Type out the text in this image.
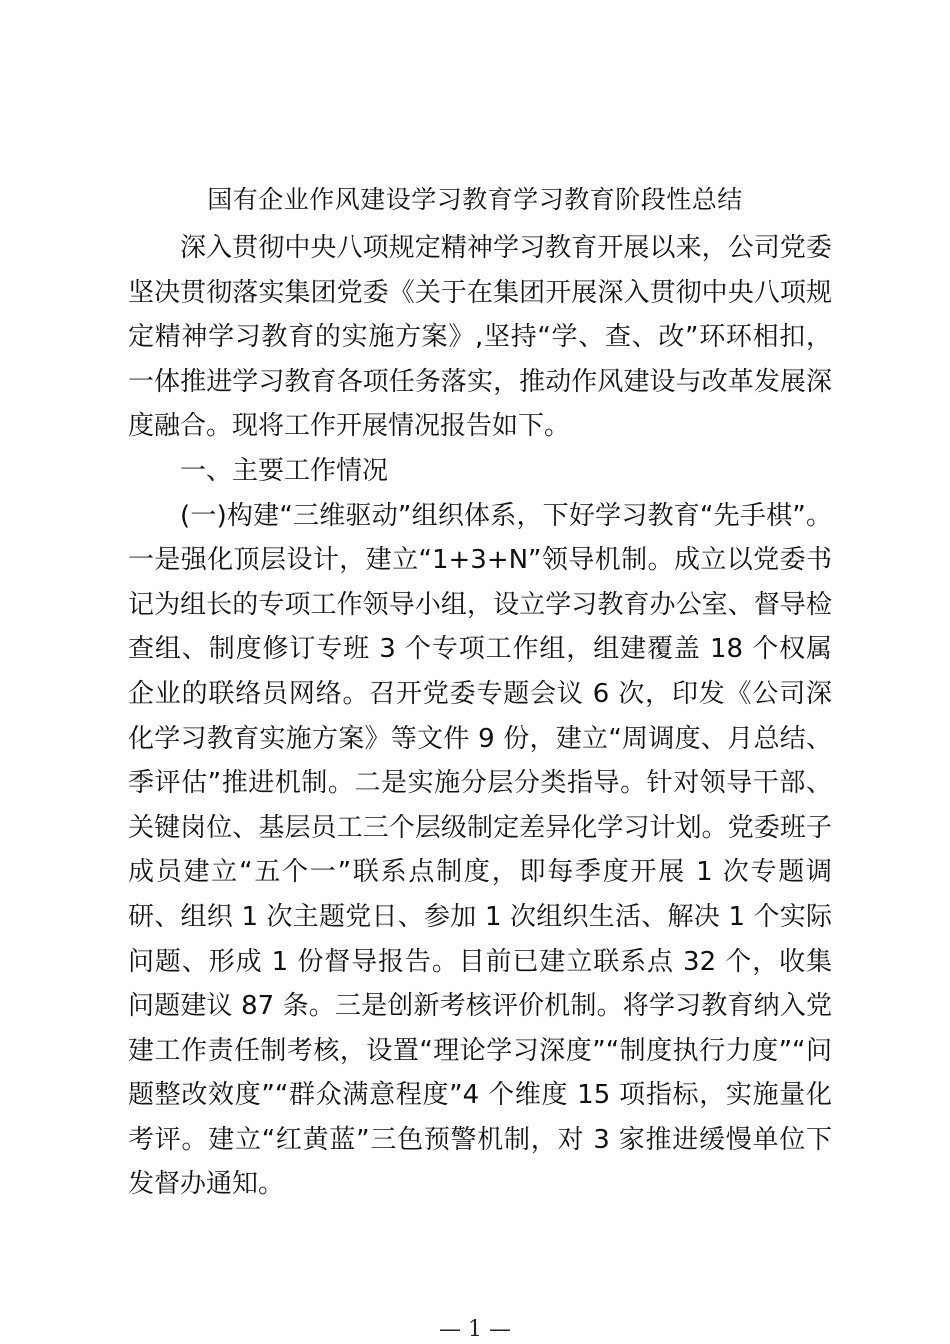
国有企业作风建设学习教育学习教育阶段性总结

深入贯彻中央八项规定精神学习教育开展以来，公司党委坚决贯彻落实集团党委《关于在集团开展深入贯彻中央八项规定精神学习教育的实施方案》,坚持“学、查、改”环环相扣，一体推进学习教育各项任务落实，推动作风建设与改革发展深度融合。现将工作开展情况报告如下。

一、主要工作情况

(一)构建“三维驱动”组织体系，下好学习教育“先手棋”。一是强化顶层设计，建立“1+3+N”领导机制。成立以党委书记为组长的专项工作领导小组，设立学习教育办公室、督导检查组、制度修订专班 3 个专项工作组，组建覆盖 18 个权属企业的联络员网络。召开党委专题会议 6 次，印发《公司深化学习教育实施方案》等文件 9 份，建立“周调度、月总结、季评估”推进机制。二是实施分层分类指导。针对领导干部、关键岗位、基层员工三个层级制定差异化学习计划。党委班子成员建立“五个一”联系点制度，即每季度开展 1 次专题调研、组织 1 次主题党日、参加 1 次组织生活、解决 1 个实际问题、形成 1 份督导报告。目前已建立联系点 32 个，收集问题建议 87 条。三是创新考核评价机制。将学习教育纳入党建工作责任制考核，设置“理论学习深度”“制度执行力度”“问题整改效度”“群众满意程度”4 个维度 15 项指标，实施量化考评。建立“红黄蓝”三色预警机制，对 3 家推进缓慢单位下发督办通知。

— 1 —
